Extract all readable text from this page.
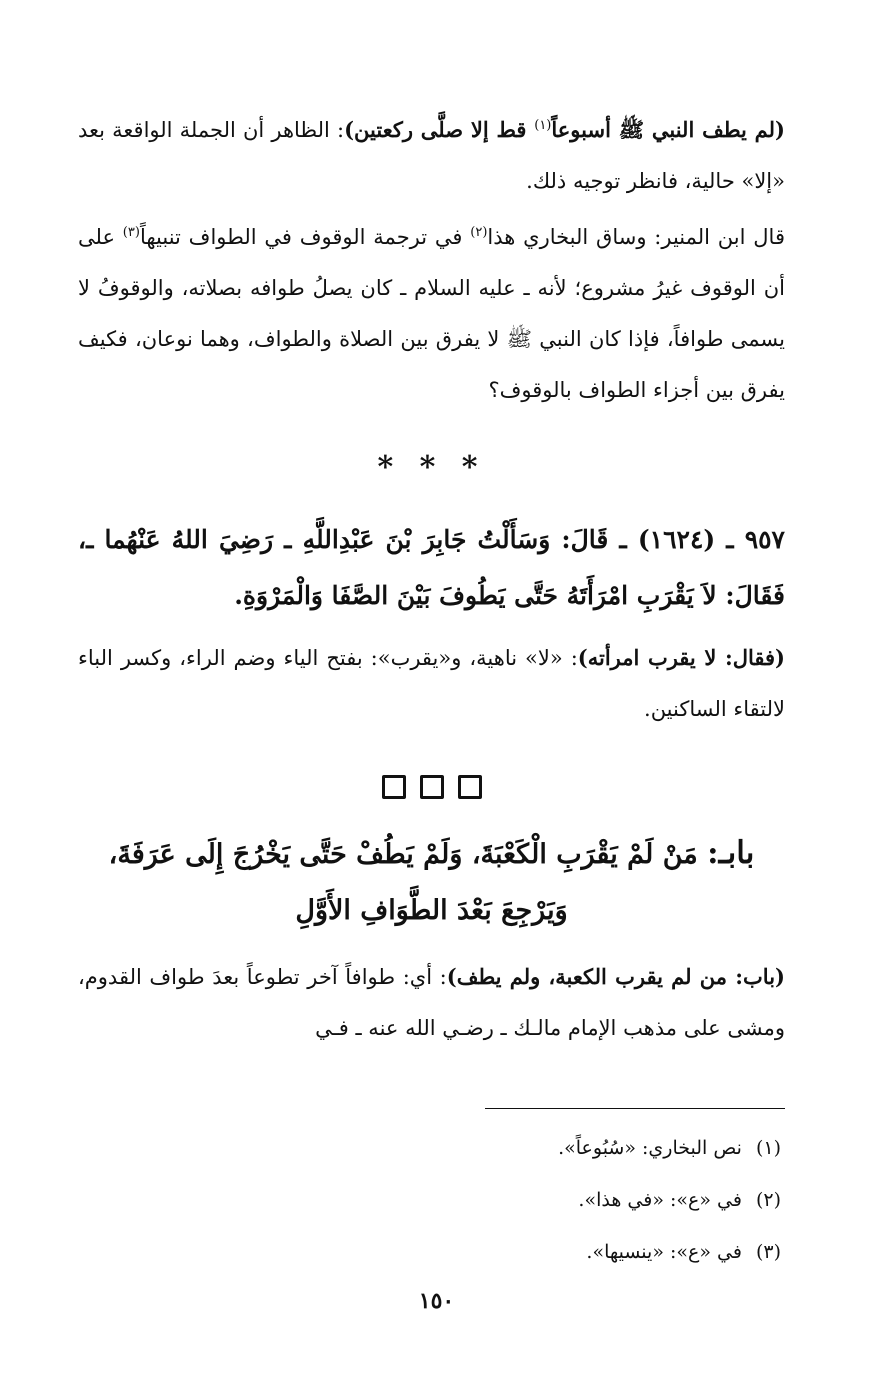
(لم يطف النبي ﷺ أسبوعاً$^{(١)}$ قط إلا صلَّى ركعتين): الظاهر أن الجملة الواقعة بعد «إلا» حالية، فانظر توجيه ذلك.

قال ابن المنير: وساق البخاري هذا$^{(٢)}$ في ترجمة الوقوف في الطواف تنبيهاً$^{(٣)}$ على أن الوقوف غيرُ مشروع؛ لأنه ـ عليه السلام ـ كان يصلُ طوافه بصلاته، والوقوفُ لا يسمى طوافاً، فإذا كان النبي ﷺ لا يفرق بين الصلاة والطواف، وهما نوعان، فكيف يفرق بين أجزاء الطواف بالوقوف؟

* * *

٩٥٧ ـ (١٦٢٤) ـ قَالَ: وَسَأَلْتُ جَابِرَ بْنَ عَبْدِاللَّهِ ـ رَضِيَ اللهُ عَنْهُما ـ، فَقَالَ: لاَ يَقْرَبِ امْرَأَتَهُ حَتَّى يَطُوفَ بَيْنَ الصَّفَا وَالْمَرْوَةِ.

(فقال: لا يقرب امرأته): «لا» ناهية، و«يقرب»: بفتح الياء وضم الراء، وكسر الباء لالتقاء الساكنين.

بابـ: مَنْ لَمْ يَقْرَبِ الْكَعْبَةَ، وَلَمْ يَطُفْ حَتَّى يَخْرُجَ إِلَى عَرَفَةَ، وَيَرْجِعَ بَعْدَ الطَّوَافِ الأَوَّلِ

(باب: من لم يقرب الكعبة، ولم يطف): أي: طوافاً آخر تطوعاً بعدَ طواف القدوم، ومشى على مذهب الإمام مالـك ـ رضـي الله عنه ـ فـي

(١)نص البخاري: «سُبُوعاً».

(٢)في «ع»: «في هذا».

(٣)في «ع»: «ينسيها».

١٥٠
